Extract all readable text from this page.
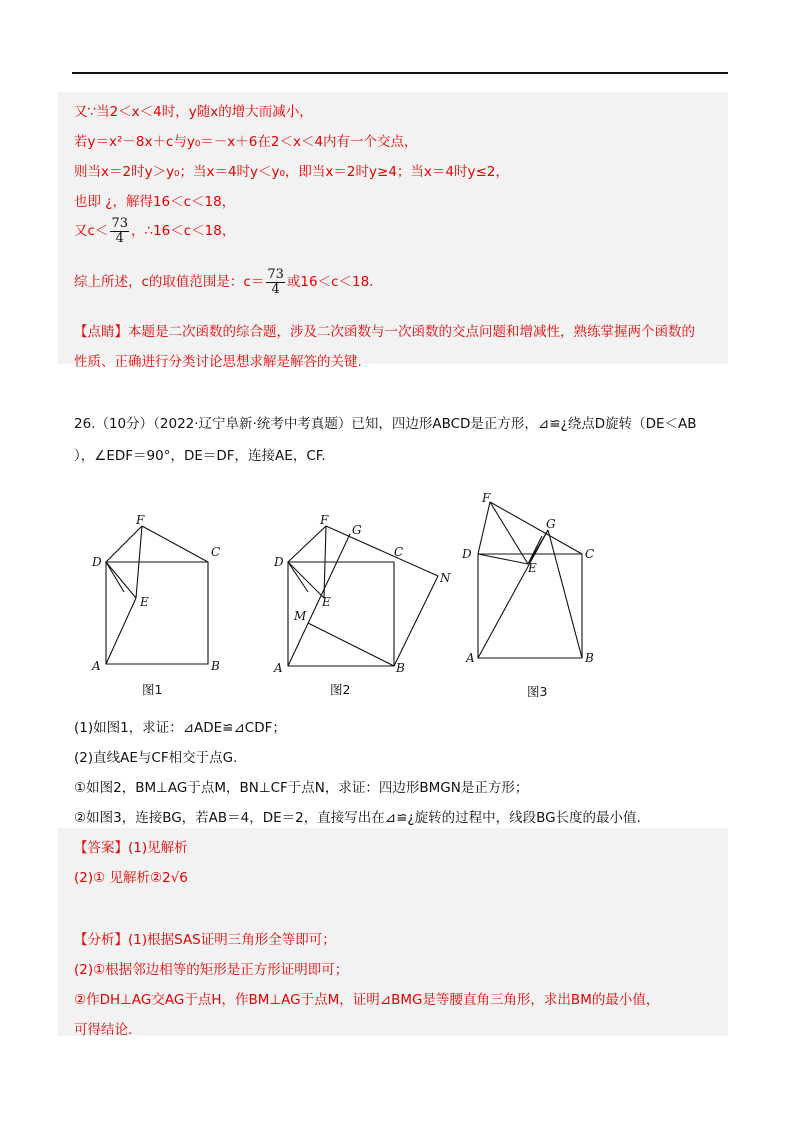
又∵当2＜x＜4时，y随x的增大而减小，
若y＝x²－8x＋c与y₀＝－x＋6在2＜x＜4内有一个交点，
则当x＝2时y＞y₀；当x＝4时y＜y₀，即当x＝2时y≥4；当x＝4时y≤2，
也即 ¿，解得16＜c＜18，
又$c< \frac{73}{4}$ ，∴16＜c＜18，
综上所述，c的取值范围是：$c= \frac{73}{4}$ 或16＜c＜18.
【点睛】本题是二次函数的综合题，涉及二次函数与一次函数的交点问题和增减性，熟练掌握两个函数的
性质、正确进行分类讨论思想求解是解答的关键.
26.（10分）（2022·辽宁阜新·统考中考真题）已知，四边形ABCD是正方形，⊿≌¿绕点D旋转（DE＜AB
），∠EDF＝90°，DE＝DF，连接AE，CF.
F
D
C
E
A	B
图1
F
G
D
C
N
E
M
A	B
图2
F
G
D	C
E
A	B
图3
(1)如图1，求证：⊿ADE≌⊿CDF；
(2)直线AE与CF相交于点G.
①如图2，BM⊥AG于点M，BN⊥CF于点N，求证：四边形BMGN是正方形；
②如图3，连接BG，若AB＝4，DE＝2，直接写出在⊿≌¿旋转的过程中，线段BG长度的最小值.
【答案】(1)见解析
(2)① 见解析②2√6
【分析】(1)根据SAS证明三角形全等即可；
(2)①根据邻边相等的矩形是正方形证明即可；
②作DH⊥AG交AG于点H，作BM⊥AG于点M，证明⊿BMG是等腰直角三角形，求出BM的最小值，
可得结论.
